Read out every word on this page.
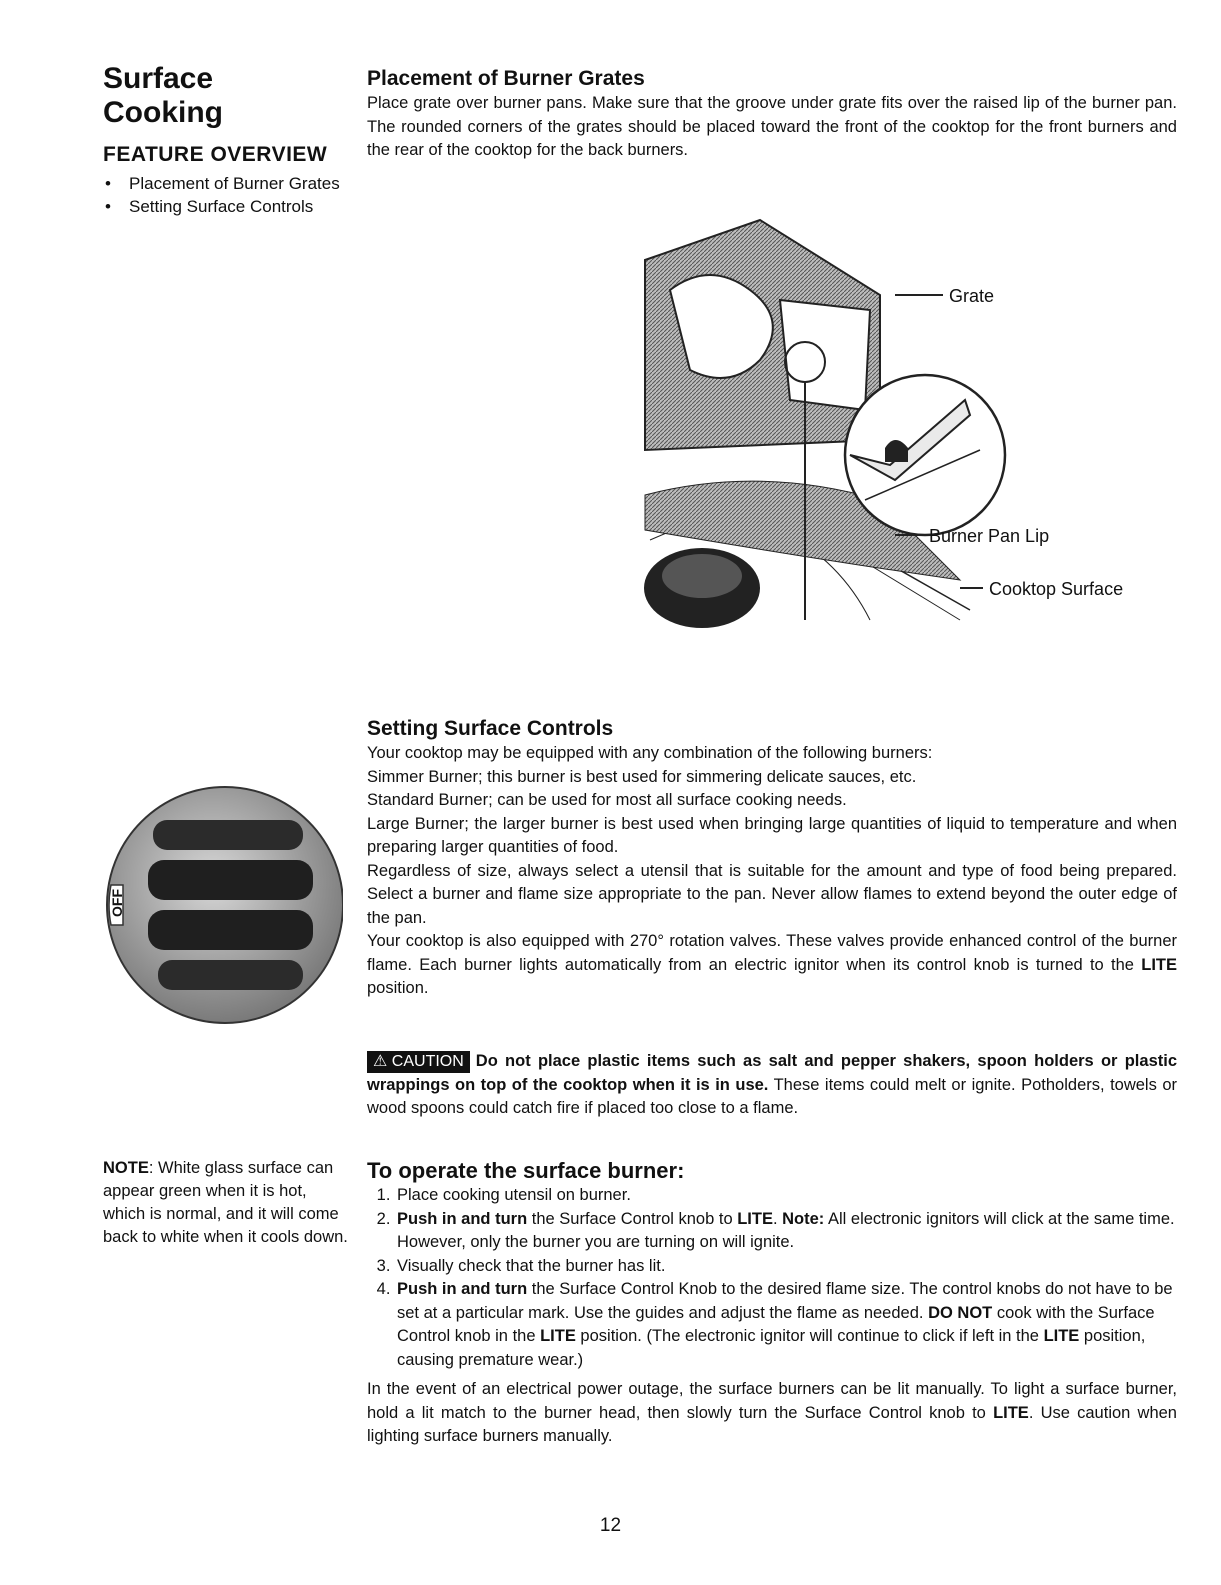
Surface
Cooking
FEATURE OVERVIEW
• Placement of Burner Grates
• Setting Surface Controls
Placement of Burner Grates

Place grate over burner pans. Make sure that the groove under grate fits over the raised lip of the burner pan. The rounded corners of the grates should be placed toward the front of the cooktop for the front burners and the rear of the cooktop for the back burners.

Grate
Burner Pan Lip
Cooktop Surface
OFF
Setting Surface Controls

Your cooktop may be equipped with any combination of the following burners:

Simmer Burner; this burner is best used for simmering delicate sauces, etc.

Standard Burner; can be used for most all surface cooking needs.

Large Burner; the larger burner is best used when bringing large quantities of liquid to temperature and when preparing larger quantities of food.

Regardless of size, always select a utensil that is suitable for the amount and type of food being prepared. Select a burner and flame size appropriate to the pan. Never allow flames to extend beyond the outer edge of the pan.

Your cooktop is also equipped with 270° rotation valves. These valves provide enhanced control of the burner flame. Each burner lights automatically from an electric ignitor when its control knob is turned to the LITE position.

⚠ CAUTION Do not place plastic items such as salt and pepper shakers, spoon holders or plastic wrappings on top of the cooktop when it is in use. These items could melt or ignite. Potholders, towels or wood spoons could catch fire if placed too close to a flame.

NOTE: White glass surface can appear green when it is hot, which is normal, and it will come back to white when it cools down.
To operate the surface burner:
1. Place cooking utensil on burner.
2. Push in and turn the Surface Control knob to LITE. Note: All electronic ignitors will click at the same time. However, only the burner you are turning on will ignite.
3. Visually check that the burner has lit.
4. Push in and turn the Surface Control Knob to the desired flame size. The control knobs do not have to be set at a particular mark. Use the guides and adjust the flame as needed. DO NOT cook with the Surface Control knob in the LITE position. (The electronic ignitor will continue to click if left in the LITE position, causing premature wear.)

In the event of an electrical power outage, the surface burners can be lit manually. To light a surface burner, hold a lit match to the burner head, then slowly turn the Surface Control knob to LITE. Use caution when lighting surface burners manually.

12
